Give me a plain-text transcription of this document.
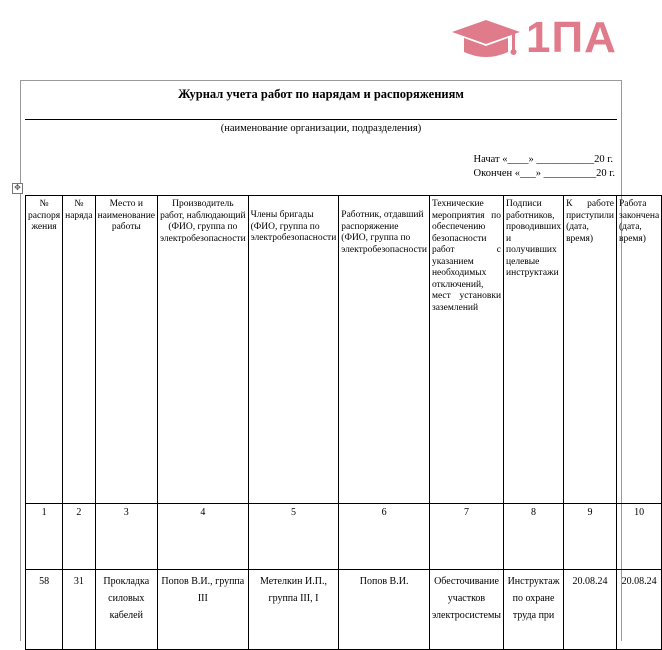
1ПА
Журнал учета работ по нарядам и распоряжениям
(наименование организации, подразделения)
Начат «____» ___________20 г.
Окончен «___» __________20 г.
✥
№ распоря жения	№ наряда	Место и наименование работы	Производитель работ, наблюдающий (ФИО, группа по электробезопасности	Члены бригады (ФИО, группа по электробезопасности	Работник, отдавший распоряжение (ФИО, группа по электробезопасности	Технические мероприятия по обеспечению безопасности работ с указанием необходимых отключений, мест установки заземлений	Подписи работников, проводивших и получивших целевые инструктажи	К работе приступили (дата, время)	Работа закончена (дата, время)
1	2	3	4	5	6	7	8	9	10
58	31	Прокладка силовых кабелей	Попов В.И., группа III	Метелкин И.П., группа III, I	Попов В.И.	Обесточивание участков электросистемы	Инструктаж по охране труда при	20.08.24	20.08.24
